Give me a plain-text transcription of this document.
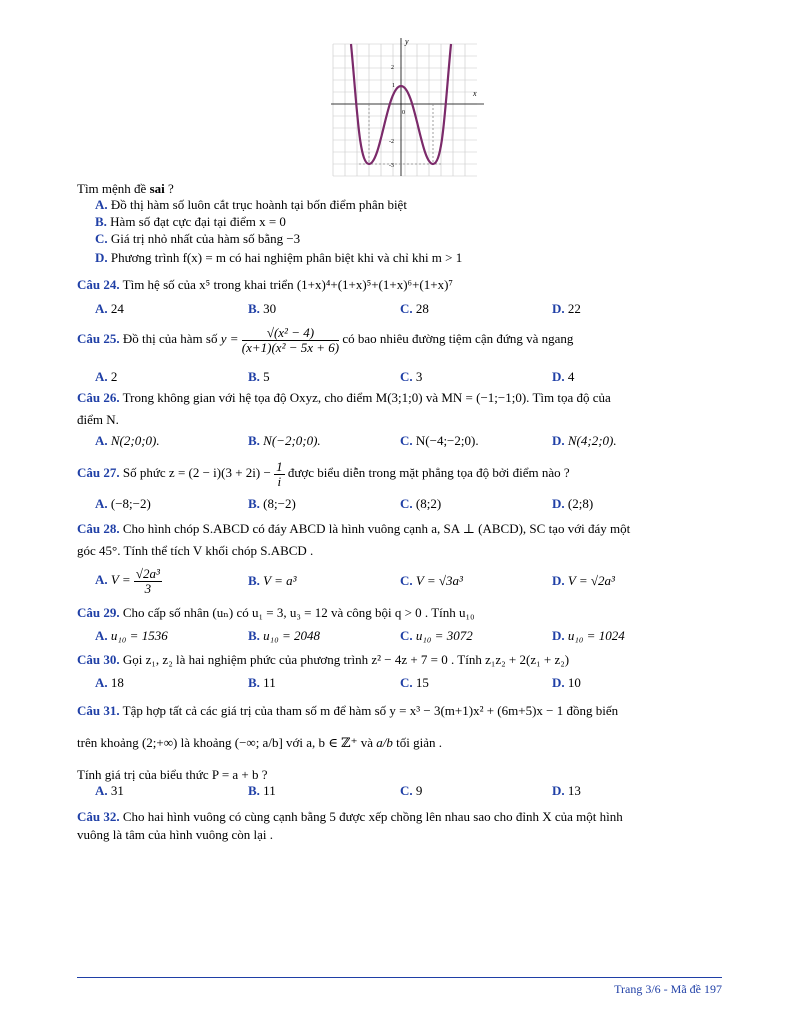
x
y
2
1
0
-2
-3
Tìm mệnh đề sai ?
A. Đồ thị hàm số luôn cắt trục hoành tại bốn điểm phân biệt
B. Hàm số đạt cực đại tại điểm x = 0
C. Giá trị nhỏ nhất của hàm số bằng −3
D. Phương trình f(x) = m có hai nghiệm phân biệt khi và chỉ khi m > 1
Câu 24. Tìm hệ số của x⁵ trong khai triển (1+x)⁴+(1+x)⁵+(1+x)⁶+(1+x)⁷
A. 24	B. 30	C. 28	D. 22
Câu 25. Đồ thị của hàm số $y = \frac{\text{√(x² − 4)}}{\text{(x+1)(x² − 5x + 6)}}$ có bao nhiêu đường tiệm cận đứng và ngang
A. 2	B. 5	C. 3	D. 4
Câu 26. Trong không gian với hệ tọa độ Oxyz, cho điểm M(3;1;0) và MN = (−1;−1;0). Tìm tọa độ của
điểm N.
A. N(2;0;0).	B. N(−2;0;0).	C. N(−4;−2;0).	D. N(4;2;0).
Câu 27. Số phức $z = (2 - i)(3 + 2i) - \frac{1}{i}$ được biểu diễn trong mặt phẳng tọa độ bởi điểm nào ?
A. (−8;−2)	B. (8;−2)	C. (8;2)	D. (2;8)
Câu 28. Cho hình chóp S.ABCD có đáy ABCD là hình vuông cạnh a, SA ⊥ (ABCD), SC tạo với đáy một
góc 45°. Tính thể tích V khối chóp S.ABCD .
A. $V = \frac{\text{√2a³}}{3}$	B. V = a³	C. V = √3a³	D. V = √2a³
Câu 29. Cho cấp số nhân (uₙ) có u₁ = 3, u₃ = 12 và công bội q > 0 . Tính u₁₀
A. u₁₀ = 1536	B. u₁₀ = 2048	C. u₁₀ = 3072	D. u₁₀ = 1024
Câu 30. Gọi z₁, z₂ là hai nghiệm phức của phương trình z² − 4z + 7 = 0 . Tính z₁z₂ + 2(z₁ + z₂)
A. 18	B. 11	C. 15	D. 10
Câu 31. Tập hợp tất cả các giá trị của tham số m để hàm số y = x³ − 3(m+1)x² + (6m+5)x − 1 đồng biến
trên khoảng (2;+∞) là khoảng (−∞; a/b] với a, b ∈ ℤ⁺ và a/b tối giản .
Tính giá trị của biểu thức P = a + b ?
A. 31	B. 11	C. 9	D. 13
Câu 32. Cho hai hình vuông có cùng cạnh bằng 5 được xếp chồng lên nhau sao cho đỉnh X của một hình
vuông là tâm của hình vuông còn lại .
Trang 3/6 - Mã đề 197
